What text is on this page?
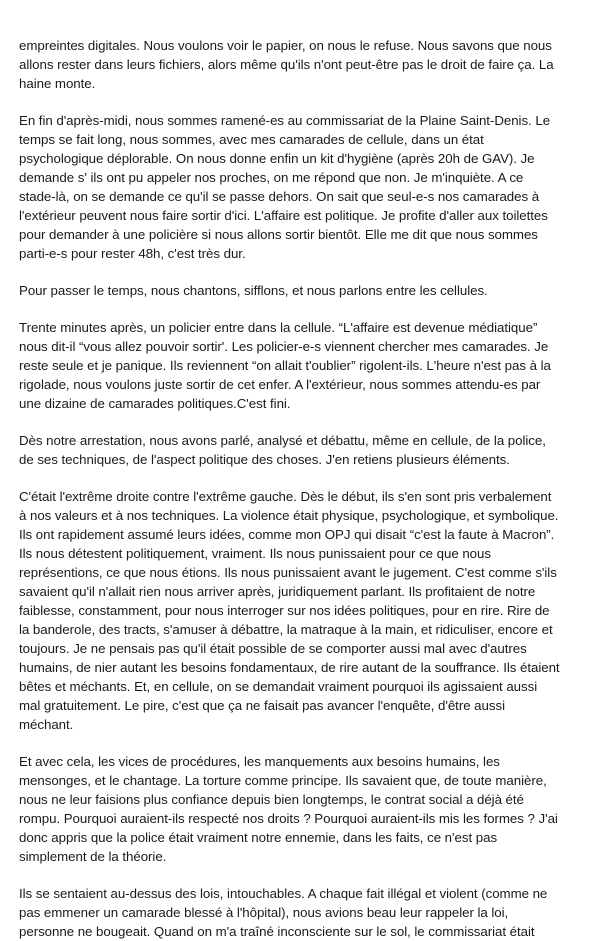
empreintes digitales. Nous voulons voir le papier, on nous le refuse. Nous savons que nous
allons rester dans leurs fichiers, alors même qu'ils n'ont peut-être pas le droit de faire ça. La
haine monte.

En fin d'après-midi, nous sommes ramené-es au commissariat de la Plaine Saint-Denis. Le
temps se fait long, nous sommes, avec mes camarades de cellule, dans un état
psychologique déplorable. On nous donne enfin un kit d'hygiène (après 20h de GAV). Je
demande s' ils ont pu appeler nos proches, on me répond que non. Je m'inquiète. A ce
stade-là, on se demande ce qu'il se passe dehors. On sait que seul-e-s nos camarades à
l'extérieur peuvent nous faire sortir d'ici. L'affaire est politique. Je profite d'aller aux toilettes
pour demander à une policière si nous allons sortir bientôt. Elle me dit que nous sommes
parti-e-s pour rester 48h, c'est très dur.

Pour passer le temps, nous chantons, sifflons, et nous parlons entre les cellules.

Trente minutes après, un policier entre dans la cellule. “L'affaire est devenue médiatique”
nous dit-il “vous allez pouvoir sortir'. Les policier-e-s viennent chercher mes camarades. Je
reste seule et je panique. Ils reviennent “on allait t'oublier” rigolent-ils. L'heure n'est pas à la
rigolade, nous voulons juste sortir de cet enfer. A l'extérieur, nous sommes attendu-es par
une dizaine de camarades politiques.C'est fini.

Dès notre arrestation, nous avons parlé, analysé et débattu, même en cellule, de la police,
de ses techniques, de l'aspect politique des choses. J'en retiens plusieurs éléments.

C'était l'extrême droite contre l'extrême gauche. Dès le début, ils s'en sont pris verbalement
à nos valeurs et à nos techniques. La violence était physique, psychologique, et symbolique.
Ils ont rapidement assumé leurs idées, comme mon OPJ qui disait “c'est la faute à Macron”.
Ils nous détestent politiquement, vraiment. Ils nous punissaient pour ce que nous
représentions, ce que nous étions. Ils nous punissaient avant le jugement. C'est comme s'ils
savaient qu'il n'allait rien nous arriver après, juridiquement parlant. Ils profitaient de notre
faiblesse, constamment, pour nous interroger sur nos idées politiques, pour en rire. Rire de
la banderole, des tracts, s'amuser à débattre, la matraque à la main, et ridiculiser, encore et
toujours. Je ne pensais pas qu'il était possible de se comporter aussi mal avec d'autres
humains, de nier autant les besoins fondamentaux, de rire autant de la souffrance. Ils étaient
bêtes et méchants. Et, en cellule, on se demandait vraiment pourquoi ils agissaient aussi
mal gratuitement. Le pire, c'est que ça ne faisait pas avancer l'enquête, d'être aussi
méchant.

Et avec cela, les vices de procédures, les manquements aux besoins humains, les
mensonges, et le chantage. La torture comme principe. Ils savaient que, de toute manière,
nous ne leur faisions plus confiance depuis bien longtemps, le contrat social a déjà été
rompu. Pourquoi auraient-ils respecté nos droits ? Pourquoi auraient-ils mis les formes ? J'ai
donc appris que la police était vraiment notre ennemie, dans les faits, ce n'est pas
simplement de la théorie.

Ils se sentaient au-dessus des lois, intouchables. A chaque fait illégal et violent (comme ne
pas emmener un camarade blessé à l'hôpital), nous avions beau leur rappeler la loi,
personne ne bougeait. Quand on m'a traîné inconsciente sur le sol, le commissariat était
